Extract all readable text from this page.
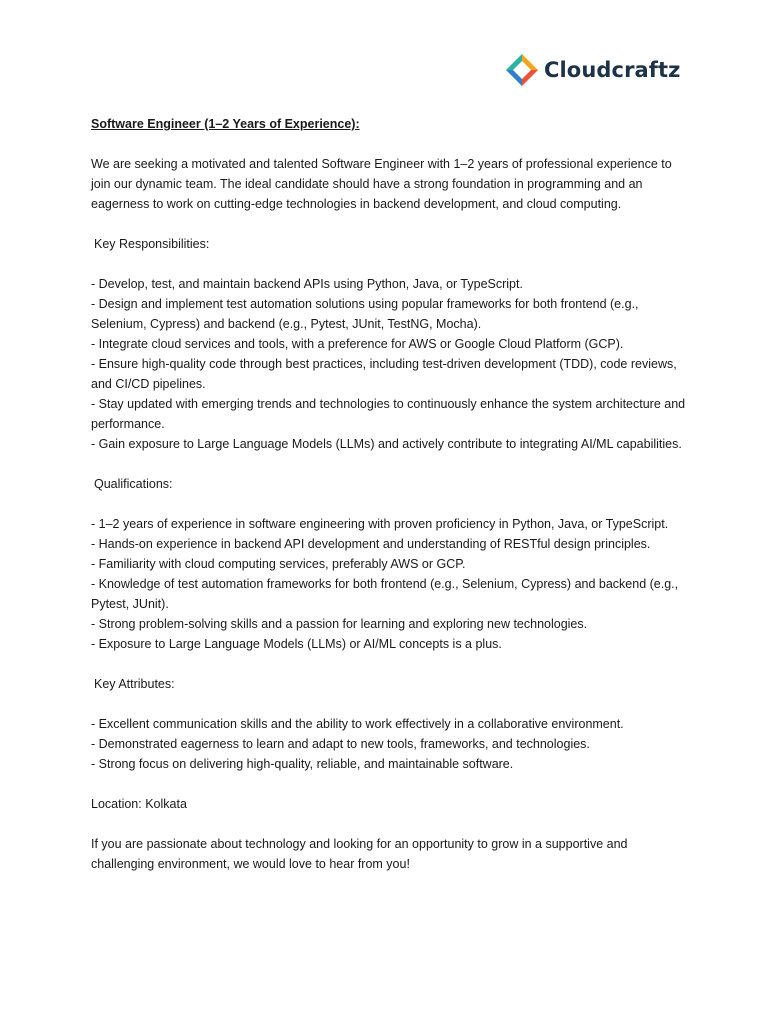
Cloudcraftz

Software Engineer (1–2 Years of Experience):

We are seeking a motivated and talented Software Engineer with 1–2 years of professional experience to join our dynamic team. The ideal candidate should have a strong foundation in programming and an eagerness to work on cutting-edge technologies in backend development, and cloud computing.

Key Responsibilities:

- Develop, test, and maintain backend APIs using Python, Java, or TypeScript.
- Design and implement test automation solutions using popular frameworks for both frontend (e.g., Selenium, Cypress) and backend (e.g., Pytest, JUnit, TestNG, Mocha).
- Integrate cloud services and tools, with a preference for AWS or Google Cloud Platform (GCP).
- Ensure high-quality code through best practices, including test-driven development (TDD), code reviews, and CI/CD pipelines.
- Stay updated with emerging trends and technologies to continuously enhance the system architecture and performance.
- Gain exposure to Large Language Models (LLMs) and actively contribute to integrating AI/ML capabilities.

Qualifications:

- 1–2 years of experience in software engineering with proven proficiency in Python, Java, or TypeScript.
- Hands-on experience in backend API development and understanding of RESTful design principles.
- Familiarity with cloud computing services, preferably AWS or GCP.
- Knowledge of test automation frameworks for both frontend (e.g., Selenium, Cypress) and backend (e.g., Pytest, JUnit).
- Strong problem-solving skills and a passion for learning and exploring new technologies.
- Exposure to Large Language Models (LLMs) or AI/ML concepts is a plus.

Key Attributes:

- Excellent communication skills and the ability to work effectively in a collaborative environment.
- Demonstrated eagerness to learn and adapt to new tools, frameworks, and technologies.
- Strong focus on delivering high-quality, reliable, and maintainable software.

Location: Kolkata

If you are passionate about technology and looking for an opportunity to grow in a supportive and challenging environment, we would love to hear from you!
